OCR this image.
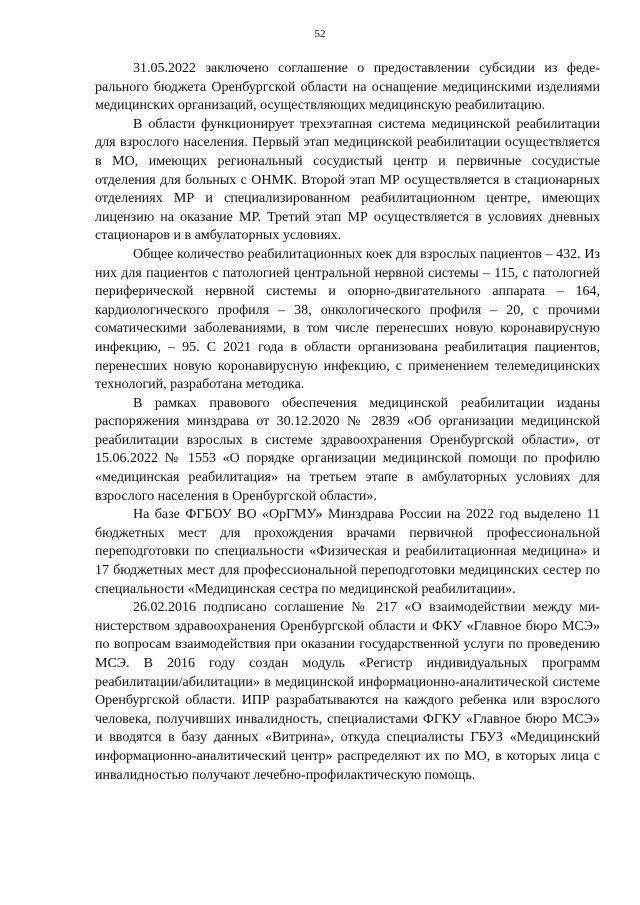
52

31.05.2022 заключено соглашение о предоставлении субсидии из федерального бюджета Оренбургской области на оснащение медицинскими изделиями медицинских организаций, осуществляющих медицинскую реабилитацию.

В области функционирует трехэтапная система медицинской реабилитации для взрослого населения. Первый этап медицинской реабилитации осуществляется в МО, имеющих региональный сосудистый центр и первичные сосудистые отделения для больных с ОНМК. Второй этап МР осуществляется в стационарных отделениях МР и специализированном реабилитационном центре, имеющих лицензию на оказание МР. Третий этап МР осуществляется в условиях дневных стационаров и в амбулаторных условиях.

Общее количество реабилитационных коек для взрослых пациентов – 432. Из них для пациентов с патологией центральной нервной системы – 115, с патологией периферической нервной системы и опорно-двигательного аппарата – 164, кардиологического профиля – 38, онкологического профиля – 20, с прочими соматическими заболеваниями, в том числе перенесших новую коронавирусную инфекцию, – 95. С 2021 года в области организована реабилитация пациентов, перенесших новую коронавирусную инфекцию, с применением телемедицинских технологий, разработана методика.

В рамках правового обеспечения медицинской реабилитации изданы распоряжения минздрава от 30.12.2020 № 2839 «Об организации медицинской реабилитации взрослых в системе здравоохранения Оренбургской области», от 15.06.2022 № 1553 «О порядке организации медицинской помощи по профилю «медицинская реабилитация» на третьем этапе в амбулаторных условиях для взрослого населения в Оренбургской области».

На базе ФГБОУ ВО «ОрГМУ» Минздрава России на 2022 год выделено 11 бюджетных мест для прохождения врачами первичной профессиональной переподготовки по специальности «Физическая и реабилитационная медицина» и 17 бюджетных мест для профессиональной переподготовки медицинских сестер по специальности «Медицинская сестра по медицинской реабилитации».

26.02.2016 подписано соглашение № 217 «О взаимодействии между министерством здравоохранения Оренбургской области и ФКУ «Главное бюро МСЭ» по вопросам взаимодействия при оказании государственной услуги по проведению МСЭ. В 2016 году создан модуль «Регистр индивидуальных программ реабилитации/абилитации» в медицинской информационно-аналитической системе Оренбургской области. ИПР разрабатываются на каждого ребенка или взрослого человека, получивших инвалидность, специалистами ФГКУ «Главное бюро МСЭ» и вводятся в базу данных «Витрина», откуда специалисты ГБУЗ «Медицинский информационно-аналитический центр» распределяют их по МО, в которых лица с инвалидностью получают лечебно-профилактическую помощь.
